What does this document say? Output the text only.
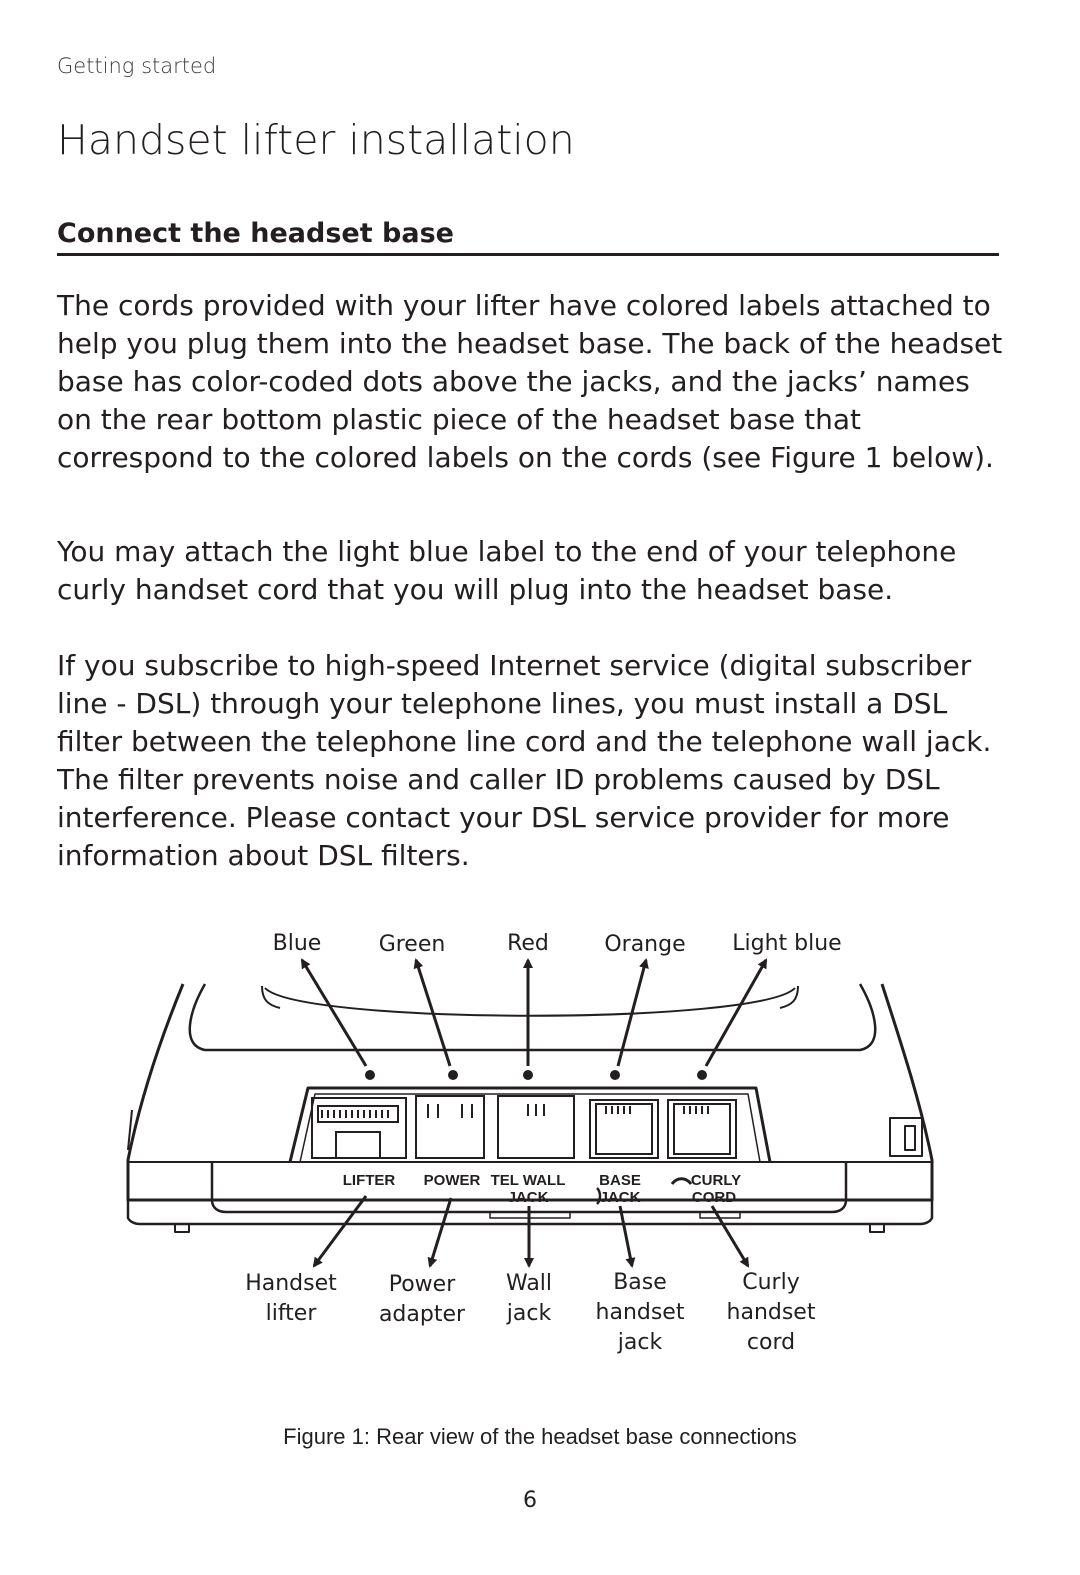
Getting started
Handset lifter installation
Connect the headset base

The cords provided with your lifter have colored labels attached to help you plug them into the headset base. The back of the headset base has color-coded dots above the jacks, and the jacks’ names on the rear bottom plastic piece of the headset base that correspond to the colored labels on the cords (see Figure 1 below).

You may attach the light blue label to the end of your telephone curly handset cord that you will plug into the headset base.

If you subscribe to high-speed Internet service (digital subscriber line - DSL) through your telephone lines, you must install a DSL filter between the telephone line cord and the telephone wall jack. The filter prevents noise and caller ID problems caused by DSL interference. Please contact your DSL service provider for more information about DSL filters.

Blue	Green	Red	Orange Light blue
LIFTER POWER TEL WALL
JACK
BASE
JACK
CURLY
CORD
Handset
lifter
Power
adapter
Wall
jack
Base
handset
jack
Curly
handset
cord
Figure 1: Rear view of the headset base connections
6
